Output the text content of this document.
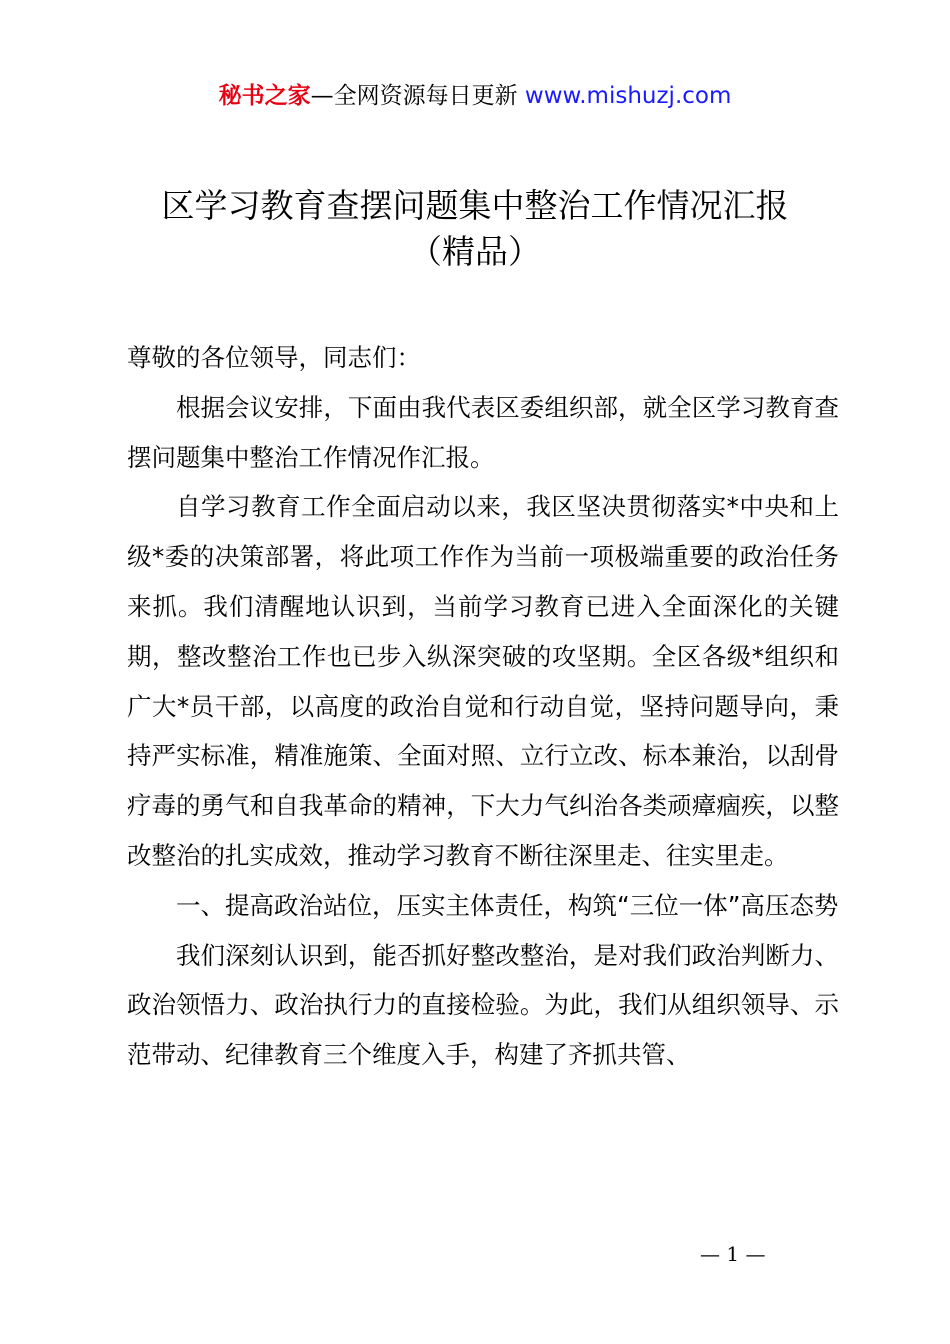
秘书之家—全网资源每日更新 www.mishuzj.com
区学习教育查摆问题集中整治工作情况汇报
（精品）

尊敬的各位领导，同志们：

根据会议安排，下面由我代表区委组织部，就全区学习教育查摆问题集中整治工作情况作汇报。

自学习教育工作全面启动以来，我区坚决贯彻落实*中央和上级*委的决策部署，将此项工作作为当前一项极端重要的政治任务来抓。我们清醒地认识到，当前学习教育已进入全面深化的关键期，整改整治工作也已步入纵深突破的攻坚期。全区各级*组织和广大*员干部，以高度的政治自觉和行动自觉，坚持问题导向，秉持严实标准，精准施策、全面对照、立行立改、标本兼治，以刮骨疗毒的勇气和自我革命的精神，下大力气纠治各类顽瘴痼疾，以整改整治的扎实成效，推动学习教育不断往深里走、往实里走。

一、提高政治站位，压实主体责任，构筑“三位一体”高压态势

我们深刻认识到，能否抓好整改整治，是对我们政治判断力、政治领悟力、政治执行力的直接检验。为此，我们从组织领导、示范带动、纪律教育三个维度入手，构建了齐抓共管、

— 1 —
